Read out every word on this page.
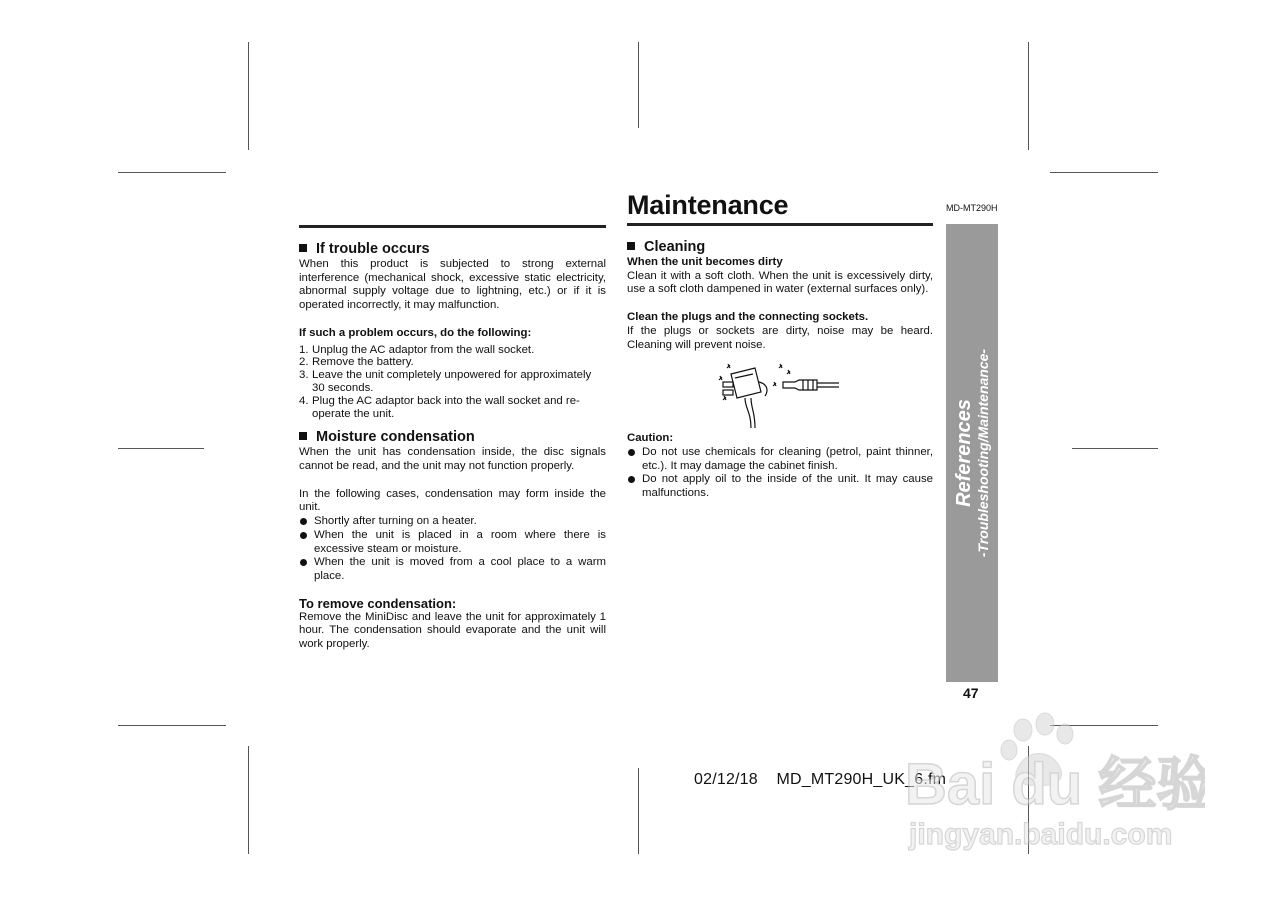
Maintenance	MD-MT290H

If trouble occurs

When this product is subjected to strong external interference (mechanical shock, excessive static electricity, abnormal supply voltage due to lightning, etc.) or if it is operated incorrectly, it may malfunction.

If such a problem occurs, do the following:

1. Unplug the AC adaptor from the wall socket.
2. Remove the battery.
3. Leave the unit completely unpowered for approximately 30 seconds.
4. Plug the AC adaptor back into the wall socket and re-operate the unit.

Moisture condensation

When the unit has condensation inside, the disc signals cannot be read, and the unit may not function properly.

In the following cases, condensation may form inside the unit.

Shortly after turning on a heater.
When the unit is placed in a room where there is excessive steam or moisture.
When the unit is moved from a cool place to a warm place.

To remove condensation:

Remove the MiniDisc and leave the unit for approximately 1 hour. The condensation should evaporate and the unit will work properly.

Cleaning

When the unit becomes dirty

Clean it with a soft cloth. When the unit is excessively dirty, use a soft cloth dampened in water (external surfaces only).

Clean the plugs and the connecting sockets.

If the plugs or sockets are dirty, noise may be heard. Cleaning will prevent noise.

Caution:

Do not use chemicals for cleaning (petrol, paint thinner, etc.). It may damage the cabinet finish.
Do not apply oil to the inside of the unit. It may cause malfunctions.	References -Troubleshooting/Maintenance-
47
02/12/18    MD_MT290H_UK_6.fm
Bai du 经验
jingyan.baidu.com
